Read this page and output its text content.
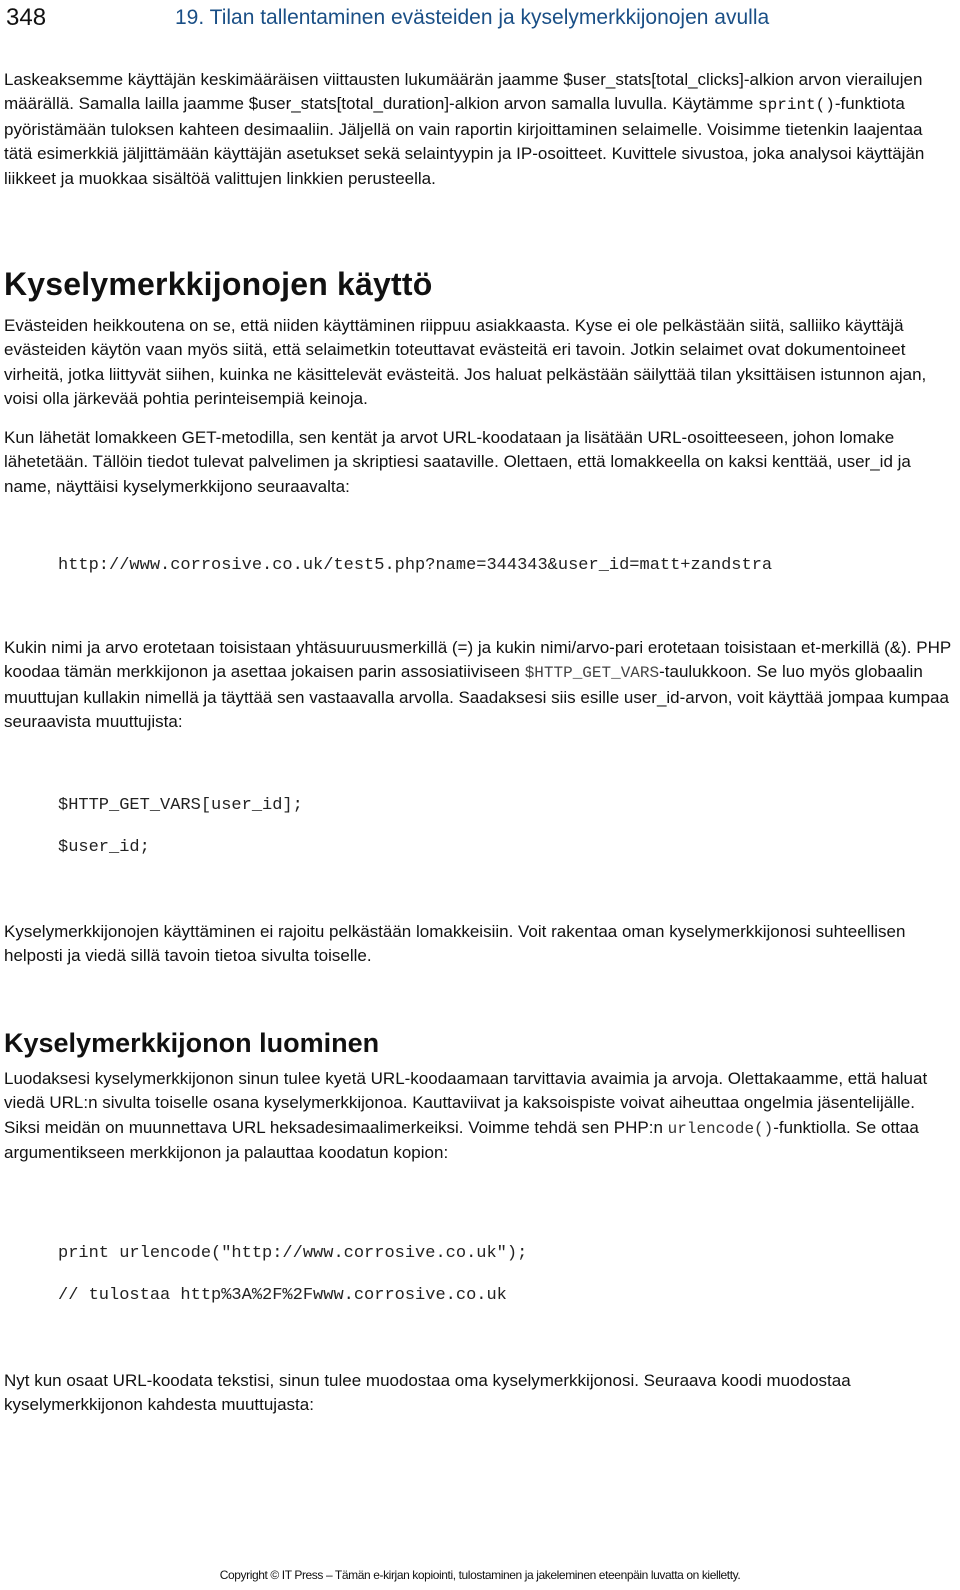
348	19. Tilan tallentaminen evästeiden ja kyselymerkkijonojen avulla

Laskeaksemme käyttäjän keskimääräisen viittausten lukumäärän jaamme $user_stats[total_clicks]-alkion arvon vierailujen määrällä. Samalla lailla jaamme $user_stats[total_duration]-alkion arvon samalla luvulla. Käytämme sprint()-funktiota pyöristämään tuloksen kahteen desimaaliin. Jäljellä on vain raportin kirjoittaminen selaimelle. Voisimme tietenkin laajentaa tätä esimerkkiä jäljittämään käyttäjän asetukset sekä selaintyypin ja IP-osoitteet. Kuvittele sivustoa, joka analysoi käyttäjän liikkeet ja muokkaa sisältöä valittujen linkkien perusteella.

Kyselymerkkijonojen käyttö

Evästeiden heikkoutena on se, että niiden käyttäminen riippuu asiakkaasta. Kyse ei ole pelkästään siitä, salliiko käyttäjä evästeiden käytön vaan myös siitä, että selaimetkin toteuttavat evästeitä eri tavoin. Jotkin selaimet ovat dokumentoineet virheitä, jotka liittyvät siihen, kuinka ne käsittelevät evästeitä. Jos haluat pelkästään säilyttää tilan yksittäisen istunnon ajan, voisi olla järkevää pohtia perinteisempiä keinoja.

Kun lähetät lomakkeen GET-metodilla, sen kentät ja arvot URL-koodataan ja lisätään URL-osoitteeseen, johon lomake lähetetään. Tällöin tiedot tulevat palvelimen ja skriptiesi saataville. Olettaen, että lomakkeella on kaksi kenttää, user_id ja name, näyttäisi kyselymerkkijono seuraavalta:

http://www.corrosive.co.uk/test5.php?name=344343&user_id=matt+zandstra

Kukin nimi ja arvo erotetaan toisistaan yhtäsuuruusmerkillä (=) ja kukin nimi/arvo-pari erotetaan toisistaan et-merkillä (&). PHP koodaa tämän merkkijonon ja asettaa jokaisen parin assosiatiiviseen $HTTP_GET_VARS-taulukkoon. Se luo myös globaalin muuttujan kullakin nimellä ja täyttää sen vastaavalla arvolla. Saadaksesi siis esille user_id-arvon, voit käyttää jompaa kumpaa seuraavista muuttujista:

$HTTP_GET_VARS[user_id];
$user_id;

Kyselymerkkijonojen käyttäminen ei rajoitu pelkästään lomakkeisiin. Voit rakentaa oman kyselymerkkijonosi suhteellisen helposti ja viedä sillä tavoin tietoa sivulta toiselle.

Kyselymerkkijonon luominen

Luodaksesi kyselymerkkijonon sinun tulee kyetä URL-koodaamaan tarvittavia avaimia ja arvoja. Olettakaamme, että haluat viedä URL:n sivulta toiselle osana kyselymerkkijonoa. Kauttaviivat ja kaksoispiste voivat aiheuttaa ongelmia jäsentelijälle. Siksi meidän on muunnettava URL heksadesimaalimerkeiksi. Voimme tehdä sen PHP:n urlencode()-funktiolla. Se ottaa argumentikseen merkkijonon ja palauttaa koodatun kopion:

print urlencode("http://www.corrosive.co.uk");
// tulostaa http%3A%2F%2Fwww.corrosive.co.uk

Nyt kun osaat URL-koodata tekstisi, sinun tulee muodostaa oma kyselymerkkijonosi. Seuraava koodi muodostaa kyselymerkkijonon kahdesta muuttujasta:

Copyright © IT Press – Tämän e-kirjan kopiointi, tulostaminen ja jakeleminen eteenpäin luvatta on kielletty.
